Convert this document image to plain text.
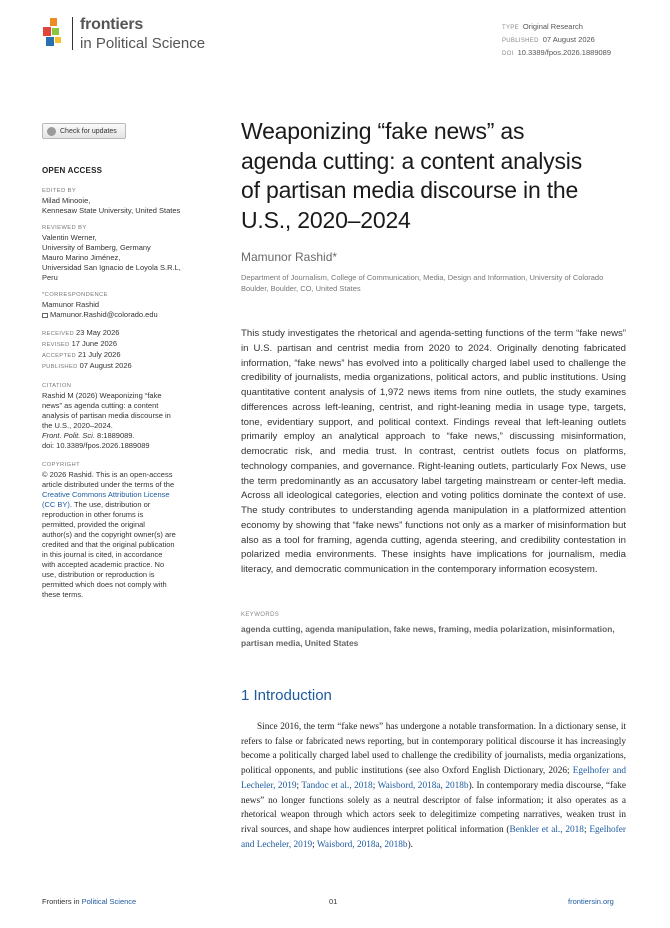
frontiers
in Political Science
TYPE Original Research
PUBLISHED 07 August 2026
DOI 10.3389/fpos.2026.1889089
Check for updates
OPEN ACCESS
EDITED BY
Milad Minooie,
Kennesaw State University, United States
REVIEWED BY
Valentin Werner,
University of Bamberg, Germany
Mauro Marino Jiménez,
Universidad San Ignacio de Loyola S.R.L,
Peru
*CORRESPONDENCE
Mamunor Rashid
Mamunor.Rashid@colorado.edu
RECEIVED 23 May 2026
REVISED 17 June 2026
ACCEPTED 21 July 2026
PUBLISHED 07 August 2026
CITATION
Rashid M (2026) Weaponizing “fake
news” as agenda cutting: a content
analysis of partisan media discourse in
the U.S., 2020–2024.
Front. Polit. Sci. 8:1889089.
doi: 10.3389/fpos.2026.1889089
COPYRIGHT
© 2026 Rashid. This is an open-access
article distributed under the terms of the
Creative Commons Attribution License
(CC BY). The use, distribution or
reproduction in other forums is
permitted, provided the original
author(s) and the copyright owner(s) are
credited and that the original publication
in this journal is cited, in accordance
with accepted academic practice. No
use, distribution or reproduction is
permitted which does not comply with
these terms.
Weaponizing “fake news” as
agenda cutting: a content analysis
of partisan media discourse in the
U.S., 2020–2024
Mamunor Rashid*
Department of Journalism, College of Communication, Media, Design and Information, University of Colorado Boulder, Boulder, CO, United States
This study investigates the rhetorical and agenda-setting functions of the term “fake news” in U.S. partisan and centrist media from 2020 to 2024. Originally denoting fabricated information, “fake news” has evolved into a politically charged label used to challenge the credibility of journalists, media organizations, political actors, and public institutions. Using quantitative content analysis of 1,972 news items from nine outlets, the study examines differences across left-leaning, centrist, and right-leaning media in usage type, targets, tone, evidentiary support, and political context. Findings reveal that left-leaning outlets primarily employ an analytical approach to “fake news,” discussing misinformation, democratic risk, and media trust. In contrast, centrist outlets focus on platforms, technology companies, and governance. Right-leaning outlets, particularly Fox News, use the term predominantly as an accusatory label targeting mainstream or center-left media. Across all ideological categories, election and voting politics dominate the context of use. The study contributes to understanding agenda manipulation in a platformized attention economy by showing that “fake news” functions not only as a marker of misinformation but also as a tool for framing, agenda cutting, agenda steering, and credibility contestation in polarized media environments. These insights have implications for journalism, media literacy, and democratic communication in the contemporary information ecosystem.
KEYWORDS
agenda cutting, agenda manipulation, fake news, framing, media polarization, misinformation, partisan media, United States
1 Introduction

Since 2016, the term “fake news” has undergone a notable transformation. In a dictionary sense, it refers to false or fabricated news reporting, but in contemporary political discourse it has increasingly become a politically charged label used to challenge the credibility of journalists, media organizations, political opponents, and public institutions (see also Oxford English Dictionary, 2026; Egelhofer and Lecheler, 2019; Tandoc et al., 2018; Waisbord, 2018a, 2018b). In contemporary media discourse, “fake news” no longer functions solely as a neutral descriptor of false information; it also operates as a rhetorical weapon through which actors seek to delegitimize competing narratives, weaken trust in rival sources, and shape how audiences interpret political information (Benkler et al., 2018; Egelhofer and Lecheler, 2019; Waisbord, 2018a, 2018b).

Frontiers in Political Science	01	frontiersin.org
